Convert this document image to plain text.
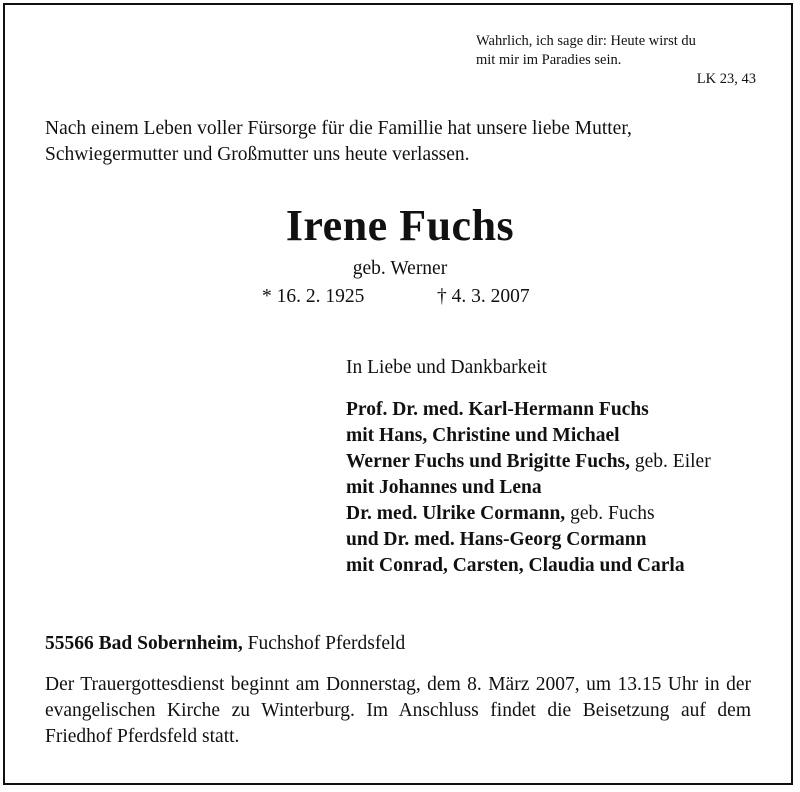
Wahrlich, ich sage dir: Heute wirst du
mit mir im Paradies sein.
LK 23, 43
Nach einem Leben voller Fürsorge für die Famillie hat unsere liebe Mutter,
Schwiegermutter und Großmutter uns heute verlassen.
Irene Fuchs
geb. Werner
* 16. 2. 1925	† 4. 3. 2007
In Liebe und Dankbarkeit
Prof. Dr. med. Karl-Hermann Fuchs
mit Hans, Christine und Michael
Werner Fuchs und Brigitte Fuchs, geb. Eiler
mit Johannes und Lena
Dr. med. Ulrike Cormann, geb. Fuchs
und Dr. med. Hans-Georg Cormann
mit Conrad, Carsten, Claudia und Carla
55566 Bad Sobernheim, Fuchshof Pferdsfeld
Der Trauergottesdienst beginnt am Donnerstag, dem 8. März 2007, um 13.15 Uhr in der evangelischen Kirche zu Winterburg. Im Anschluss findet die Beisetzung auf dem Friedhof Pferdsfeld statt.
